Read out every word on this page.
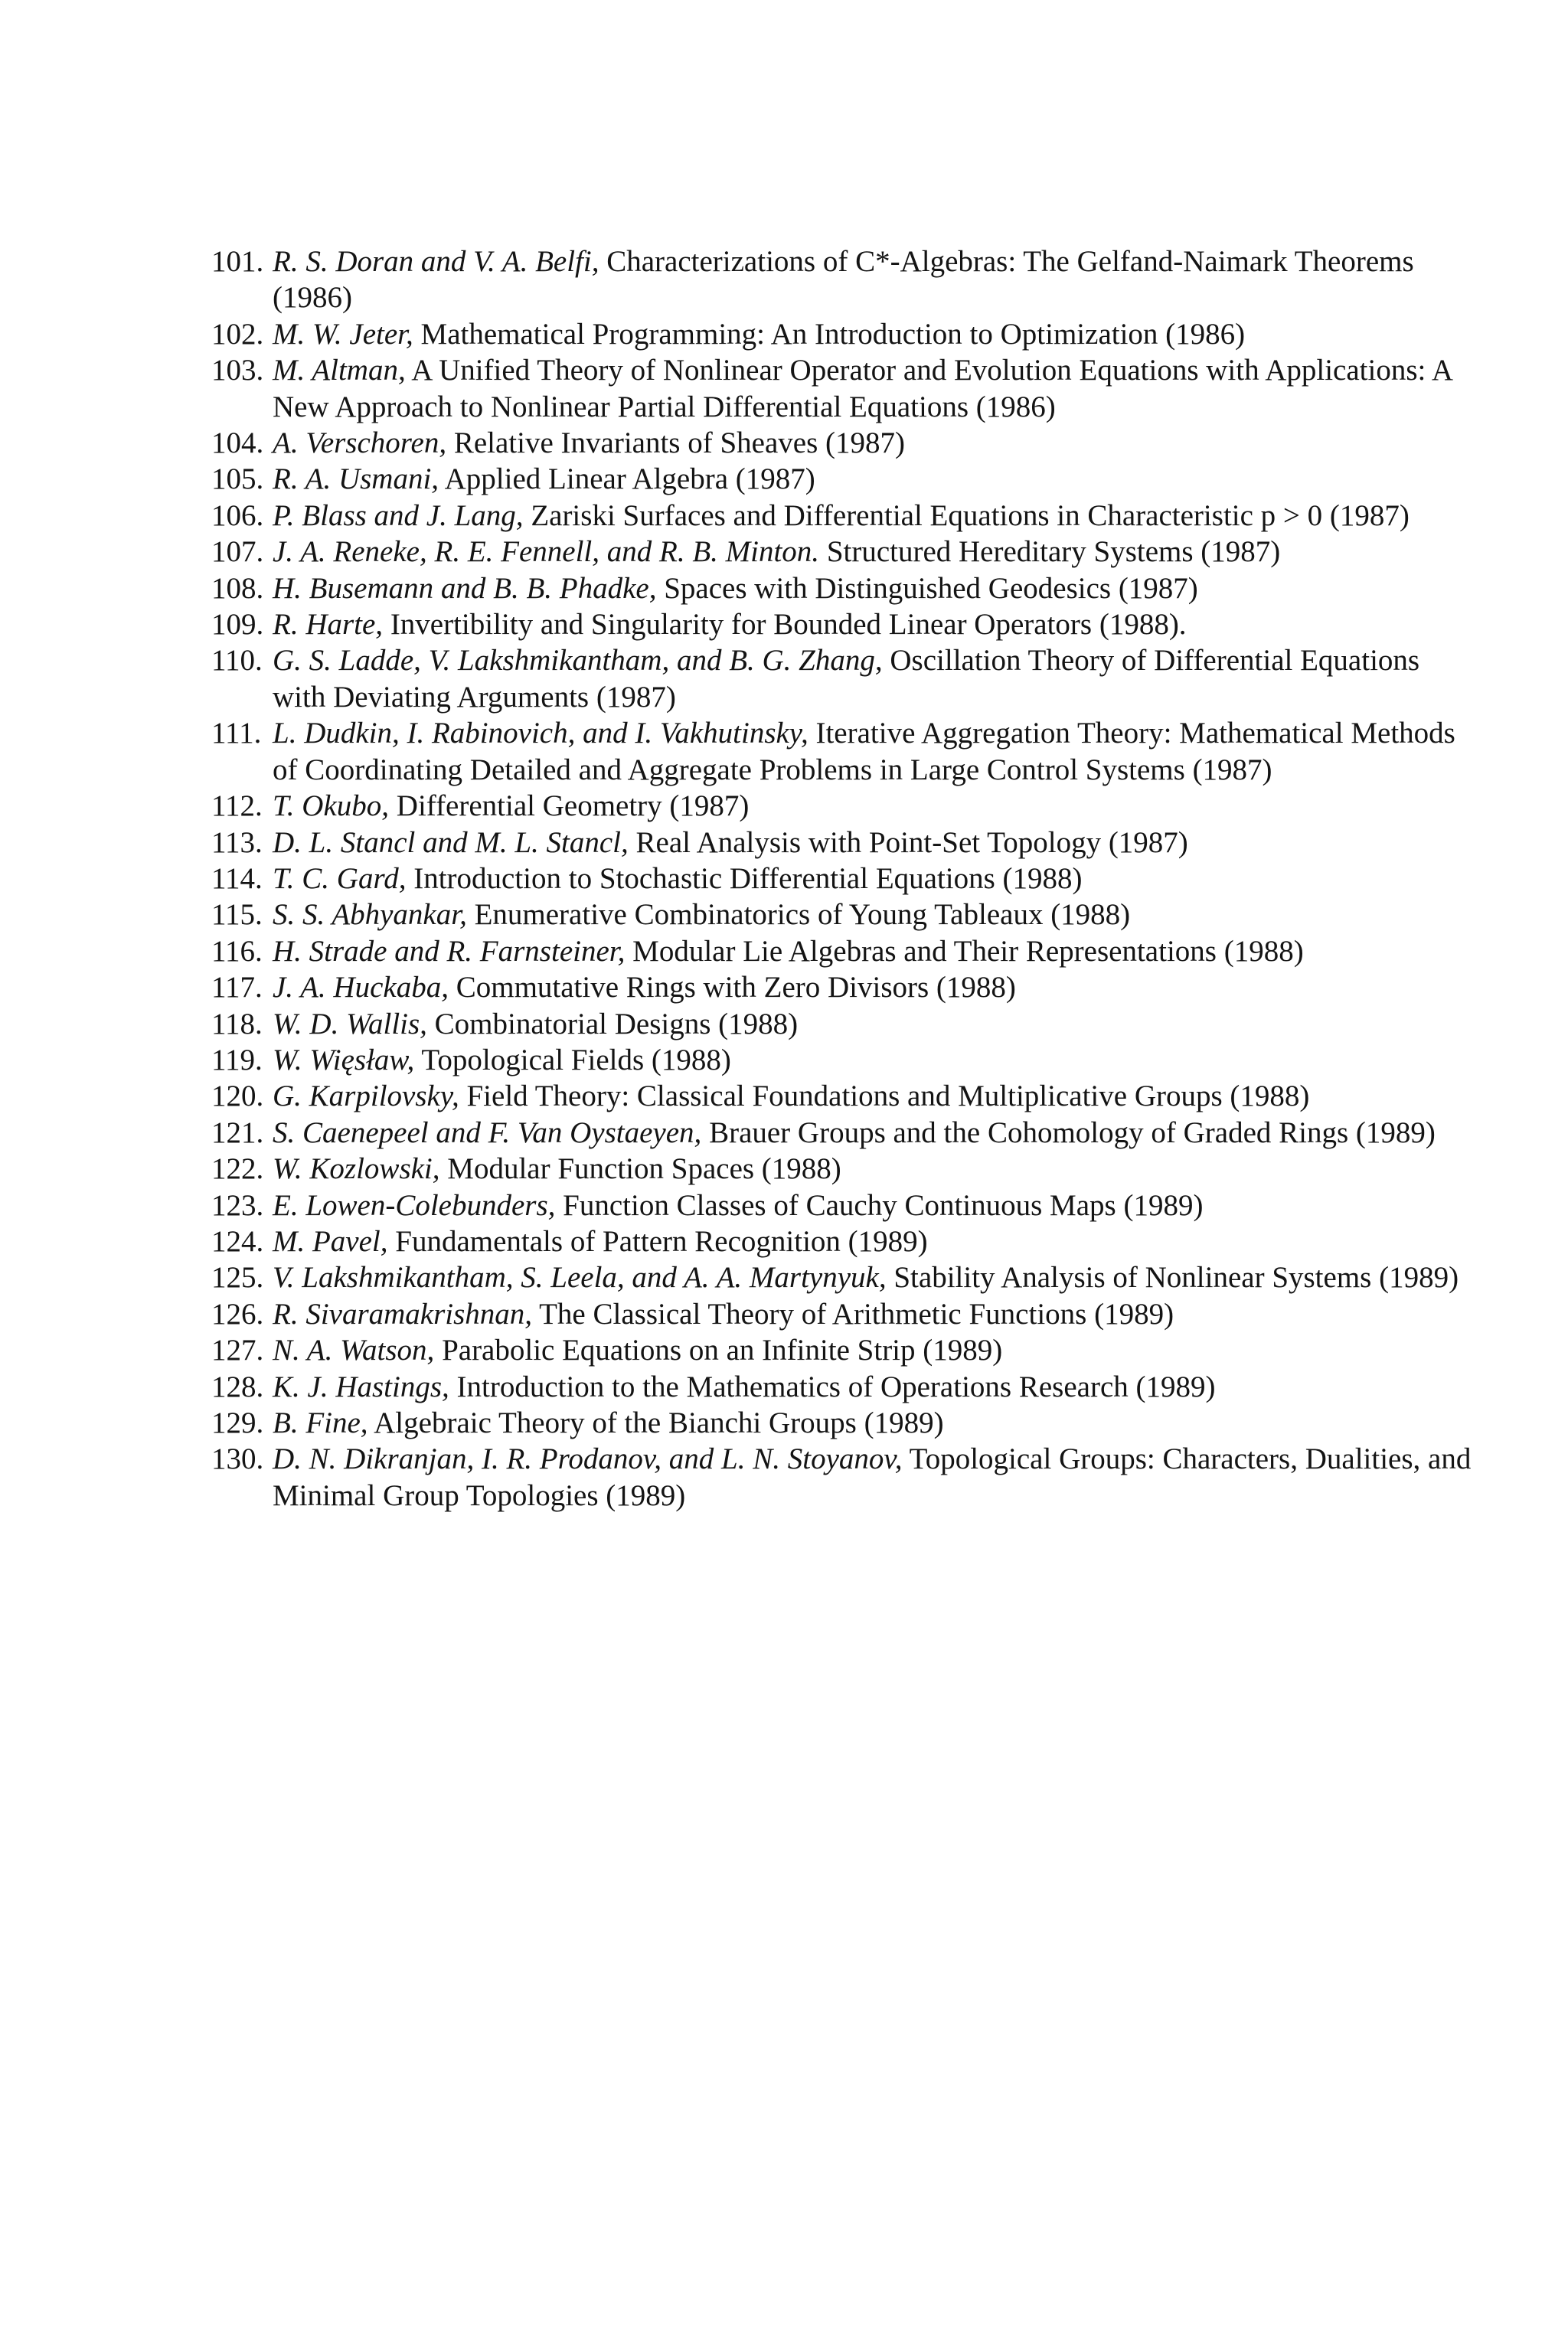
101. R. S. Doran and V. A. Belfi, Characterizations of C*-Algebras: The Gelfand-Naimark Theorems (1986)
102. M. W. Jeter, Mathematical Programming: An Introduction to Optimization (1986)
103. M. Altman, A Unified Theory of Nonlinear Operator and Evolution Equations with Applications: A New Approach to Nonlinear Partial Differential Equations (1986)
104. A. Verschoren, Relative Invariants of Sheaves (1987)
105. R. A. Usmani, Applied Linear Algebra (1987)
106. P. Blass and J. Lang, Zariski Surfaces and Differential Equations in Characteristic p > 0 (1987)
107. J. A. Reneke, R. E. Fennell, and R. B. Minton. Structured Hereditary Systems (1987)
108. H. Busemann and B. B. Phadke, Spaces with Distinguished Geodesics (1987)
109. R. Harte, Invertibility and Singularity for Bounded Linear Operators (1988).
110. G. S. Ladde, V. Lakshmikantham, and B. G. Zhang, Oscillation Theory of Differential Equations with Deviating Arguments (1987)
111. L. Dudkin, I. Rabinovich, and I. Vakhutinsky, Iterative Aggregation Theory: Mathematical Methods of Coordinating Detailed and Aggregate Problems in Large Control Systems (1987)
112. T. Okubo, Differential Geometry (1987)
113. D. L. Stancl and M. L. Stancl, Real Analysis with Point-Set Topology (1987)
114. T. C. Gard, Introduction to Stochastic Differential Equations (1988)
115. S. S. Abhyankar, Enumerative Combinatorics of Young Tableaux (1988)
116. H. Strade and R. Farnsteiner, Modular Lie Algebras and Their Representations (1988)
117. J. A. Huckaba, Commutative Rings with Zero Divisors (1988)
118. W. D. Wallis, Combinatorial Designs (1988)
119. W. Więsław, Topological Fields (1988)
120. G. Karpilovsky, Field Theory: Classical Foundations and Multiplicative Groups (1988)
121. S. Caenepeel and F. Van Oystaeyen, Brauer Groups and the Cohomology of Graded Rings (1989)
122. W. Kozlowski, Modular Function Spaces (1988)
123. E. Lowen-Colebunders, Function Classes of Cauchy Continuous Maps (1989)
124. M. Pavel, Fundamentals of Pattern Recognition (1989)
125. V. Lakshmikantham, S. Leela, and A. A. Martynyuk, Stability Analysis of Nonlinear Systems (1989)
126. R. Sivaramakrishnan, The Classical Theory of Arithmetic Functions (1989)
127. N. A. Watson, Parabolic Equations on an Infinite Strip (1989)
128. K. J. Hastings, Introduction to the Mathematics of Operations Research (1989)
129. B. Fine, Algebraic Theory of the Bianchi Groups (1989)
130. D. N. Dikranjan, I. R. Prodanov, and L. N. Stoyanov, Topological Groups: Characters, Dualities, and Minimal Group Topologies (1989)
